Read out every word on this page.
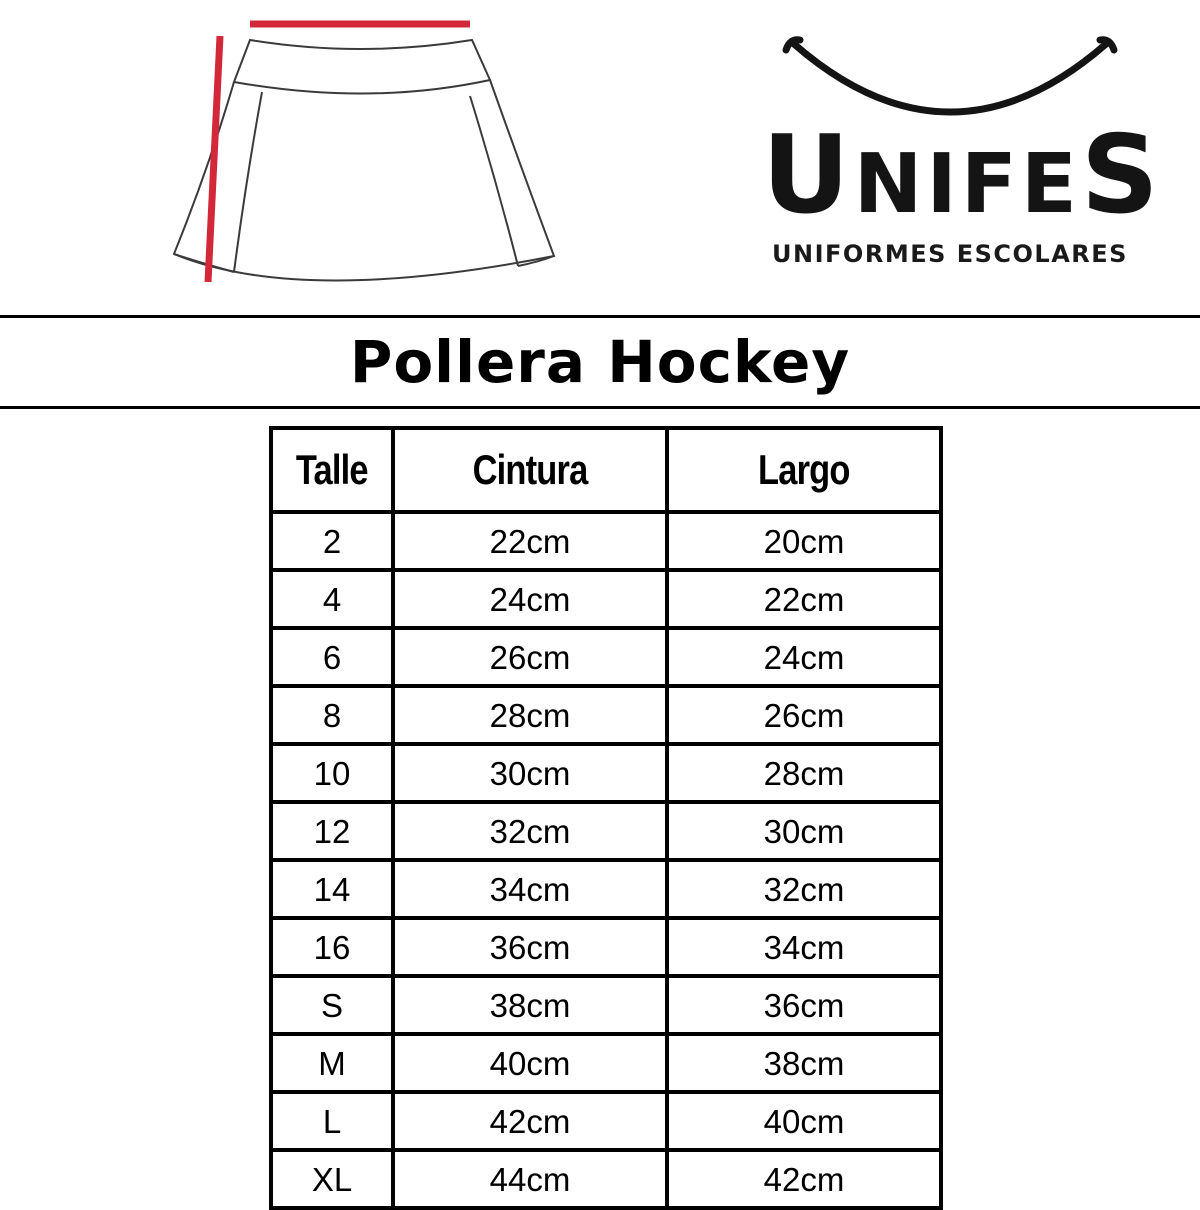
UNIFES
UNIFORMES ESCOLARES
Pollera Hockey
Talle	Cintura	Largo
2	22cm	20cm
4	24cm	22cm
6	26cm	24cm
8	28cm	26cm
10	30cm	28cm
12	32cm	30cm
14	34cm	32cm
16	36cm	34cm
S	38cm	36cm
M	40cm	38cm
L	42cm	40cm
XL	44cm	42cm
